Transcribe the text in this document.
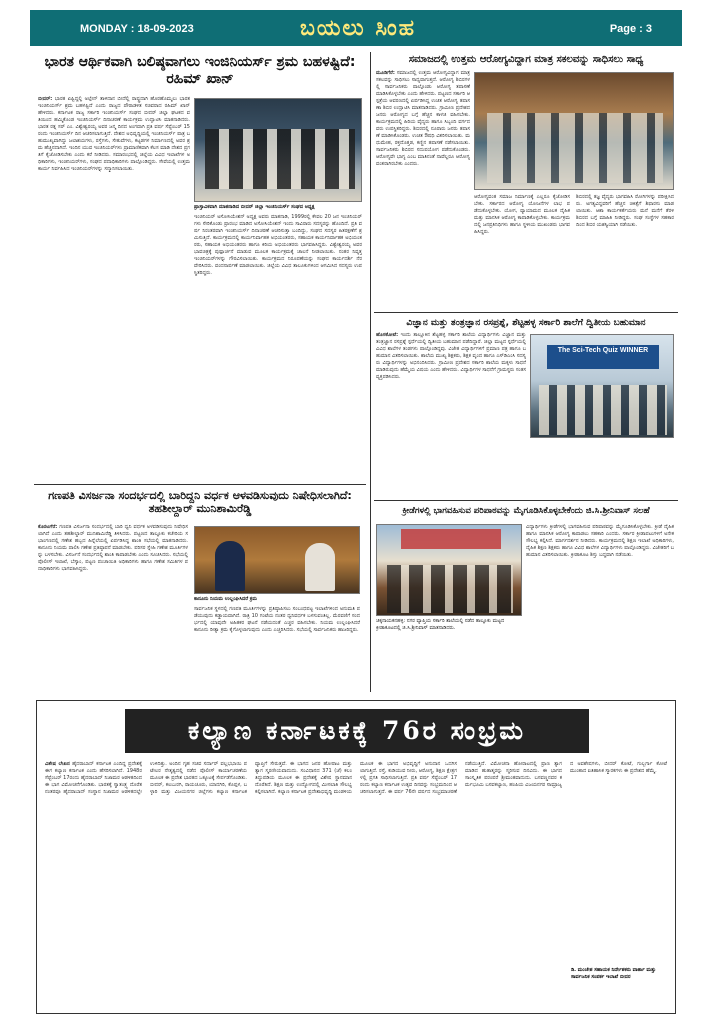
MONDAY : 18-09-2023	ಬಯಲು ಸಿಂಹ	Page : 3
ಭಾರತ ಆರ್ಥಿಕವಾಗಿ ಬಲಿಷ್ಠವಾಗಲು ಇಂಜಿನಿಯರ್ಸ್ ಶ್ರಮ ಬಹಳಷ್ಟಿದೆ: ರಹಿಮ್ ಖಾನ್
ಬೀದರ್: ಭಾರತ ಏಷ್ಟಿದ್ದಲ್ಲಿ ಅಲ್ಪೇನ್ ತಾಳಿದಾನ ಬೀದೆಲ್ಲಿ ರಾಷ್ಟ್ರದಾಗಿ ಹೊರಹೊಮ್ಮಲು ಭಾರತ ಇಂಜಿನಿಯರ್ಸ್ ಶ್ರಮ ಬಹಳಷ್ಟಿದೆ ಎಂದು ರಾಜ್ಯದ ಪೌರಾಡಳಿತ ಸಚಿವರಾದ ರಹಿಮ್ ಖಾನ್ ಹೇಳಿದರು. ಕರ್ನಾಟಕ ರಾಜ್ಯ ಸರ್ಕಾರಿ ಇಂಜಿನಿಯರ್ಸ್ ಸಂಘದ ಬೀದರ್ ಜಿಲ್ಲಾ ಘಟಕದ ವತಿಯಿಂದ ಹಮ್ಮಿಕೊಂಡ ಇಂಜಿನಿಯರ್ಸ್ ದಿನಾಚರಣೆ ಕಾರ್ಯಕ್ರಮ ಉದ್ಘಾಟಿಸಿ ಮಾತನಾಡಿದರು. ಭಾರತ ರತ್ನ ಸರ್ ಎಂ. ವಿಶ್ವೇಶ್ವರಯ್ಯ ಅವರ ಜನ್ಮ ದಿನದ ಅಂಗವಾಗಿ ಪ್ರತಿ ವರ್ಷ ಸೆಪ್ಟೆಂಬರ್ 15 ರಂದು ಇಂಜಿನಿಯರ್ಸ್ ದಿನ ಆಚರಿಸಲಾಗುತ್ತಿದೆ. ದೇಶದ ಅಭಿವೃದ್ಧಿಯಲ್ಲಿ ಇಂಜಿನಿಯರ್ಸ್ ಪಾತ್ರ ಬಹುಮುಖ್ಯವಾಗಿದ್ದು ಜಲಾಶಯಗಳು, ರಸ್ತೆಗಳು, ಸೇತುವೆಗಳು, ಕಟ್ಟಡಗಳ ನಿರ್ಮಾಣದಲ್ಲಿ ಅವರ ಶ್ರಮ ಹೆಚ್ಚಿನದಾಗಿದೆ. ಇಂದಿನ ಯುವ ಇಂಜಿನಿಯರ್‌ಗಳು ಪ್ರಾಮಾಣಿಕವಾಗಿ ಕೆಲಸ ಮಾಡಿ ದೇಶದ ಪ್ರಗತಿಗೆ ಕೈಜೋಡಿಸಬೇಕು ಎಂದು ಕರೆ ನೀಡಿದರು. ಸಮಾರಂಭದಲ್ಲಿ ಜಿಲ್ಲೆಯ ವಿವಿಧ ಇಲಾಖೆಗಳ ಅಧಿಕಾರಿಗಳು, ಇಂಜಿನಿಯರ್‌ಗಳು, ಸಂಘದ ಪದಾಧಿಕಾರಿಗಳು ಪಾಲ್ಗೊಂಡಿದ್ದರು. ಸೇವೆಯಲ್ಲಿ ಉತ್ತಮ ಕಾರ್ಯ ನಿರ್ವಹಿಸಿದ ಇಂಜಿನಿಯರ್‌ಗಳನ್ನು ಸನ್ಮಾನಿಸಲಾಯಿತು.
ಪ್ರಾಸ್ತಾವಿಕವಾಗಿ ಮಾತನಾಡಿದ ಬೀದರ್ ಜಿಲ್ಲಾ ಇಂಜಿನಿಯರ್ಸ್ ಸಂಘದ ಅಧ್ಯಕ್ಷ
ಇಂಜಿನಿಯರ್ ಅಸೋಸಿಯೇಶನ್ ಅಧ್ಯಕ್ಷ ಅವರು ಮಾತನಾಡಿ, 1999ರಲ್ಲಿ ಕೇವಲ 20 ಜನ ಇಂಜಿನಿಯರ್ ಗಳು ಸೇರಿಕೊಂಡು ಪ್ರಾರಂಭ ಮಾಡಿದ ಅಸೋಸಿಯೇಶನ್ ಇಂದು ಸಾವಿರಾರು ಸದಸ್ಯರನ್ನು ಹೊಂದಿದೆ. ಪ್ರತಿ ವರ್ಷ ನಿರಂತರವಾಗಿ ಇಂಜಿನಿಯರ್ಸ್ ದಿನಾಚರಣೆ ಆಚರಿಸುತ್ತಾ ಬಂದಿದ್ದು, ಸಂಘದ ಸದಸ್ಯರ ಹಿತರಕ್ಷಣೆಗೆ ಶ್ರಮಿಸುತ್ತಿದೆ. ಕಾರ್ಯಕ್ರಮದಲ್ಲಿ ಕಾರ್ಯನಿರ್ವಾಹಕ ಅಭಿಯಂತರರು, ಸಹಾಯಕ ಕಾರ್ಯನಿರ್ವಾಹಕ ಅಭಿಯಂತರರು, ಸಹಾಯಕ ಅಭಿಯಂತರರು ಹಾಗೂ ಕಿರಿಯ ಅಭಿಯಂತರರು ಭಾಗವಹಿಸಿದ್ದರು. ವಿಶ್ವೇಶ್ವರಯ್ಯ ಅವರ ಭಾವಚಿತ್ರಕ್ಕೆ ಪುಷ್ಪಾರ್ಚನೆ ಮಾಡುವ ಮೂಲಕ ಕಾರ್ಯಕ್ರಮಕ್ಕೆ ಚಾಲನೆ ನೀಡಲಾಯಿತು. ನಂತರ ನಿವೃತ್ತ ಇಂಜಿನಿಯರ್‌ಗಳನ್ನು ಗೌರವಿಸಲಾಯಿತು. ಕಾರ್ಯಕ್ರಮದ ನಿರೂಪಣೆಯನ್ನು ಸಂಘದ ಕಾರ್ಯದರ್ಶಿ ನೆರವೇರಿಸಿದರು. ವಂದನಾರ್ಪಣೆ ಮಾಡಲಾಯಿತು. ಜಿಲ್ಲೆಯ ವಿವಿಧ ತಾಲೂಕುಗಳಿಂದ ಆಗಮಿಸಿದ ಸದಸ್ಯರು ಉಪಸ್ಥಿತರಿದ್ದರು.
ಗಣಪತಿ ವಿಸರ್ಜನಾ ಸಂದರ್ಭದಲ್ಲಿ ಬಾರಿದ್ದನಿ ವರ್ಧಕ ಆಳವಡಿಸುವುದು ನಿಷೇಧಿಸಲಾಗಿದೆ: ತಹಶೀಲ್ದಾರ್ ಮುನಿಶಾಮಿರೆಡ್ಡಿ
ಕೊರಟಗೆರೆ: ಗಣಪತಿ ವಿಸರ್ಜನಾ ಸಂದರ್ಭದಲ್ಲಿ ಬಾರಿ ಧ್ವನಿ ವರ್ಧಕ ಅಳವಡಿಸುವುದು ನಿಷೇಧಿಸಲಾಗಿದೆ ಎಂದು ತಹಶೀಲ್ದಾರ್ ಮುನಿಶಾಮಿರೆಡ್ಡಿ ತಿಳಿಸಿದರು. ಪಟ್ಟಣದ ತಾಲ್ಲೂಕು ಕಚೇರಿಯ ಸಭಾಂಗಣದಲ್ಲಿ ಗಣೇಶ ಹಬ್ಬದ ಹಿನ್ನೆಲೆಯಲ್ಲಿ ಏರ್ಪಡಿಸಿದ್ದ ಶಾಂತಿ ಸಭೆಯಲ್ಲಿ ಮಾತನಾಡಿದರು. ಕಾನೂನು ನಿಯಮ ಪಾಲಿಸಿ ಗಣೇಶ ಪ್ರತಿಷ್ಠಾಪನೆ ಮಾಡಬೇಕು. ಪರಿಸರ ಸ್ನೇಹಿ ಗಣೇಶ ಮೂರ್ತಿಗಳನ್ನು ಬಳಸಬೇಕು. ವಿಸರ್ಜನೆ ಸಂದರ್ಭದಲ್ಲಿ ಶಾಂತಿ ಕಾಪಾಡಬೇಕು ಎಂದು ಸೂಚಿಸಿದರು. ಸಭೆಯಲ್ಲಿ ಪೊಲೀಸ್ ಇಲಾಖೆ, ಬೆಸ್ಕಾಂ, ಪಟ್ಟಣ ಪಂಚಾಯಿತಿ ಅಧಿಕಾರಿಗಳು ಹಾಗೂ ಗಣೇಶ ಸಮಿತಿಗಳ ಪದಾಧಿಕಾರಿಗಳು ಭಾಗವಹಿಸಿದ್ದರು.
ಕಾನೂನು ನಿಯಮ ಉಲ್ಲಂಘಿಸಿದರೆ ಕ್ರಮ
ಸಾರ್ವಜನಿಕ ಸ್ಥಳದಲ್ಲಿ ಗಣಪತಿ ಮೂರ್ತಿಗಳನ್ನು ಪ್ರತಿಷ್ಠಾಪಿಸಲು ಸಂಬಂಧಪಟ್ಟ ಇಲಾಖೆಗಳಿಂದ ಅನುಮತಿ ಪಡೆಯುವುದು ಕಡ್ಡಾಯವಾಗಿದೆ. ರಾತ್ರಿ 10 ಗಂಟೆಯ ನಂತರ ಧ್ವನಿವರ್ಧಕ ಬಳಸುವಂತಿಲ್ಲ. ಮೆರವಣಿಗೆ ಸಂದರ್ಭದಲ್ಲಿ ಯಾವುದೇ ಅಹಿತಕರ ಘಟನೆ ನಡೆಯದಂತೆ ಎಚ್ಚರ ವಹಿಸಬೇಕು. ನಿಯಮ ಉಲ್ಲಂಘಿಸಿದರೆ ಕಾನೂನು ರೀತ್ಯಾ ಕ್ರಮ ಕೈಗೊಳ್ಳಲಾಗುವುದು ಎಂದು ಎಚ್ಚರಿಸಿದರು. ಸಭೆಯಲ್ಲಿ ಸಾರ್ವಜನಿಕರು ಹಾಜರಿದ್ದರು.
ಸಮಾಜದಲ್ಲಿ ಉತ್ತಮ ಆರೋಗ್ಯವಿದ್ದಾಗ ಮಾತ್ರ ಸಕಲವನ್ನು ಸಾಧಿಸಲು ಸಾಧ್ಯ
ಮೂಡಿಗೆರೆ: ಸಮಾಜದಲ್ಲಿ ಉತ್ತಮ ಆರೋಗ್ಯವಿದ್ದಾಗ ಮಾತ್ರ ಸಕಲವನ್ನು ಸಾಧಿಸಲು ಸಾಧ್ಯವಾಗುತ್ತದೆ. ಆರೋಗ್ಯ ಶಿಬಿರಗಳಲ್ಲಿ ಸಾರ್ವಜನಿಕರು ಪಾಲ್ಗೊಂಡು ಆರೋಗ್ಯ ತಪಾಸಣೆ ಮಾಡಿಸಿಕೊಳ್ಳಬೇಕು ಎಂದು ಹೇಳಿದರು. ಪಟ್ಟಣದ ಸರ್ಕಾರಿ ಆಸ್ಪತ್ರೆಯ ಆವರಣದಲ್ಲಿ ಏರ್ಪಡಿಸಿದ್ದ ಉಚಿತ ಆರೋಗ್ಯ ತಪಾಸಣಾ ಶಿಬಿರ ಉದ್ಘಾಟಿಸಿ ಮಾತನಾಡಿದರು. ಗ್ರಾಮೀಣ ಪ್ರದೇಶದ ಜನರು ಆರೋಗ್ಯದ ಬಗ್ಗೆ ಹೆಚ್ಚಿನ ಕಾಳಜಿ ವಹಿಸಬೇಕು. ಕಾರ್ಯಕ್ರಮದಲ್ಲಿ ಹಿರಿಯ ವೈದ್ಯರು ಹಾಗೂ ಸಿಬ್ಬಂದಿ ವರ್ಗದವರು ಉಪಸ್ಥಿತರಿದ್ದರು. ಶಿಬಿರದಲ್ಲಿ ನೂರಾರು ಜನರು ತಪಾಸಣೆ ಮಾಡಿಸಿಕೊಂಡರು. ಉಚಿತ ಔಷಧಿ ವಿತರಿಸಲಾಯಿತು. ಮಧುಮೇಹ, ರಕ್ತದೊತ್ತಡ, ಕಣ್ಣಿನ ತಪಾಸಣೆ ನಡೆಸಲಾಯಿತು. ಸಾರ್ವಜನಿಕರು ಶಿಬಿರದ ಸದುಪಯೋಗ ಪಡೆದುಕೊಂಡರು. ಆರೋಗ್ಯವೇ ಭಾಗ್ಯ ಎಂಬ ಮಾತಿನಂತೆ ನಾವೆಲ್ಲರೂ ಆರೋಗ್ಯವಂತರಾಗಿರಬೇಕು ಎಂದರು.
ಆರೋಗ್ಯವಂತ ಸಮಾಜ ನಿರ್ಮಾಣಕ್ಕೆ ಎಲ್ಲರೂ ಕೈಜೋಡಿಸಬೇಕು. ಸರ್ಕಾರದ ಆರೋಗ್ಯ ಯೋಜನೆಗಳ ಲಾಭ ಪಡೆದುಕೊಳ್ಳಬೇಕು. ಯೋಗ, ವ್ಯಾಯಾಮದ ಮೂಲಕ ದೈಹಿಕ ಮತ್ತು ಮಾನಸಿಕ ಆರೋಗ್ಯ ಕಾಪಾಡಿಕೊಳ್ಳಬೇಕು. ಕಾರ್ಯಕ್ರಮದಲ್ಲಿ ಜನಪ್ರತಿನಿಧಿಗಳು ಹಾಗೂ ಸ್ಥಳೀಯ ಮುಖಂಡರು ಭಾಗವಹಿಸಿದ್ದರು.
ಶಿಬಿರದಲ್ಲಿ ತಜ್ಞ ವೈದ್ಯರು ಭಾಗವಹಿಸಿ ರೋಗಿಗಳನ್ನು ಪರೀಕ್ಷಿಸಿದರು. ಅಗತ್ಯವಿದ್ದವರಿಗೆ ಹೆಚ್ಚಿನ ಚಿಕಿತ್ಸೆಗೆ ಶಿಫಾರಸು ಮಾಡಲಾಯಿತು. ಆಶಾ ಕಾರ್ಯಕರ್ತೆಯರು ಮನೆ ಮನೆಗೆ ತೆರಳಿ ಶಿಬಿರದ ಬಗ್ಗೆ ಮಾಹಿತಿ ನೀಡಿದ್ದರು. ಸಂಘ ಸಂಸ್ಥೆಗಳ ಸಹಕಾರದಿಂದ ಶಿಬಿರ ಯಶಸ್ವಿಯಾಗಿ ನಡೆಯಿತು.
ವಿಜ್ಞಾನ ಮತ್ತು ತಂತ್ರಜ್ಞಾನ ರಸಪ್ರಶ್ನೆ, ಶೆಟ್ಟಹಳ್ಳ ಸರ್ಕಾರಿ ಶಾಲೆಗೆ ದ್ವಿತೀಯ ಬಹುಮಾನ
ಹೊಸಕೋಟೆ: ಇಂದು ತಾಲ್ಲೂಕಿನ ಶೆಟ್ಟಹಳ್ಳ ಸರ್ಕಾರಿ ಶಾಲೆಯ ವಿದ್ಯಾರ್ಥಿಗಳು ವಿಜ್ಞಾನ ಮತ್ತು ತಂತ್ರಜ್ಞಾನ ರಸಪ್ರಶ್ನೆ ಸ್ಪರ್ಧೆಯಲ್ಲಿ ದ್ವಿತೀಯ ಬಹುಮಾನ ಪಡೆದಿದ್ದಾರೆ. ಜಿಲ್ಲಾ ಮಟ್ಟದ ಸ್ಪರ್ಧೆಯಲ್ಲಿ ವಿವಿಧ ಶಾಲೆಗಳ ತಂಡಗಳು ಪಾಲ್ಗೊಂಡಿದ್ದವು. ವಿಜೇತ ವಿದ್ಯಾರ್ಥಿಗಳಿಗೆ ಪ್ರಮಾಣ ಪತ್ರ ಹಾಗೂ ಬಹುಮಾನ ವಿತರಿಸಲಾಯಿತು. ಶಾಲೆಯ ಮುಖ್ಯ ಶಿಕ್ಷಕರು, ಶಿಕ್ಷಕ ವೃಂದ ಹಾಗೂ ಎಸ್‌ಡಿಎಂಸಿ ಸದಸ್ಯರು ವಿದ್ಯಾರ್ಥಿಗಳನ್ನು ಅಭಿನಂದಿಸಿದರು. ಗ್ರಾಮೀಣ ಪ್ರದೇಶದ ಸರ್ಕಾರಿ ಶಾಲೆಯ ಮಕ್ಕಳು ಸಾಧನೆ ಮಾಡಿರುವುದು ಹೆಮ್ಮೆಯ ವಿಷಯ ಎಂದು ಹೇಳಿದರು. ವಿದ್ಯಾರ್ಥಿಗಳ ಸಾಧನೆಗೆ ಗ್ರಾಮಸ್ಥರು ಸಂತಸ ವ್ಯಕ್ತಪಡಿಸಿದರು.
The Sci-Tech Quiz WINNER
ಕ್ರೀಡೆಗಳಲ್ಲಿ ಭಾಗವಹಿಸುವ ಪರಿಪಾಠವನ್ನು ಮೈಗೂಡಿಸಿಕೊಳ್ಳಬೇಕೆಂದು ಜಿ.ಸಿ.ಶ್ರೀನಿವಾಸ್ ಸಲಹೆ
ಚಿಕ್ಕನಾಯಕನಹಳ್ಳಿ: ನಗರ ವ್ಯಾಪ್ತಿಯ ಸರ್ಕಾರಿ ಶಾಲೆಯಲ್ಲಿ ನಡೆದ ತಾಲ್ಲೂಕು ಮಟ್ಟದ ಕ್ರೀಡಾಕೂಟದಲ್ಲಿ ಜಿ.ಸಿ.ಶ್ರೀನಿವಾಸ್ ಮಾತನಾಡಿದರು.
ವಿದ್ಯಾರ್ಥಿಗಳು ಕ್ರೀಡೆಗಳಲ್ಲಿ ಭಾಗವಹಿಸುವ ಪರಿಪಾಠವನ್ನು ಮೈಗೂಡಿಸಿಕೊಳ್ಳಬೇಕು. ಕ್ರೀಡೆ ದೈಹಿಕ ಹಾಗೂ ಮಾನಸಿಕ ಆರೋಗ್ಯ ಕಾಪಾಡಲು ಸಹಕಾರಿ ಎಂದರು. ಸರ್ಕಾರ ಕ್ರೀಡಾಪಟುಗಳಿಗೆ ಅನೇಕ ಸೌಲಭ್ಯ ಕಲ್ಪಿಸಿದೆ. ಮಾರ್ಗದರ್ಶನ ನೀಡಿದರು. ಕಾರ್ಯಕ್ರಮದಲ್ಲಿ ಶಿಕ್ಷಣ ಇಲಾಖೆ ಅಧಿಕಾರಿಗಳು, ದೈಹಿಕ ಶಿಕ್ಷಣ ಶಿಕ್ಷಕರು ಹಾಗೂ ವಿವಿಧ ಶಾಲೆಗಳ ವಿದ್ಯಾರ್ಥಿಗಳು ಪಾಲ್ಗೊಂಡಿದ್ದರು. ವಿಜೇತರಿಗೆ ಬಹುಮಾನ ವಿತರಿಸಲಾಯಿತು. ಕ್ರೀಡಾಕೂಟ ಶಿಸ್ತು ಬದ್ಧವಾಗಿ ನಡೆಯಿತು.
ಕಲ್ಯಾಣ ಕರ್ನಾಟಕಕ್ಕೆ 76ರ ಸಂಭ್ರಮ
ವಿಶೇಷ ಲೇಖನ ಹೈದರಾಬಾದ್ ಕರ್ನಾಟಕ ಎಂದಿದ್ದ ಪ್ರದೇಶಕ್ಕೆ ಈಗ ಕಲ್ಯಾಣ ಕರ್ನಾಟಕ ಎಂದು ಹೆಸರಿಸಲಾಗಿದೆ. 1948ರ ಸೆಪ್ಟೆಂಬರ್ 17ರಂದು ಹೈದರಾಬಾದ್ ನಿಜಾಮರ ಆಡಳಿತದಿಂದ ಈ ಭಾಗ ವಿಮೋಚನೆಗೊಂಡಿತು. ಭಾರತಕ್ಕೆ ಸ್ವಾತಂತ್ರ್ಯ ದೊರೆತ ನಂತರವೂ ಹೈದರಾಬಾದ್ ಸಂಸ್ಥಾನ ನಿಜಾಮರ ಆಡಳಿತದಲ್ಲೇ ಉಳಿದಿತ್ತು. ಅಂದಿನ ಗೃಹ ಸಚಿವ ಸರ್ದಾರ್ ವಲ್ಲಭಭಾಯಿ ಪಟೇಲರ ನೇತೃತ್ವದಲ್ಲಿ ನಡೆದ ಪೊಲೀಸ್ ಕಾರ್ಯಾಚರಣೆಯ ಮೂಲಕ ಈ ಪ್ರದೇಶ ಭಾರತದ ಒಕ್ಕೂಟಕ್ಕೆ ಸೇರ್ಪಡೆಗೊಂಡಿತು. ಬೀದರ್, ಕಲಬುರಗಿ, ರಾಯಚೂರು, ಯಾದಗಿರಿ, ಕೊಪ್ಪಳ, ಬಳ್ಳಾರಿ ಮತ್ತು ವಿಜಯನಗರ ಜಿಲ್ಲೆಗಳು ಕಲ್ಯಾಣ ಕರ್ನಾಟಕ ವ್ಯಾಪ್ತಿಗೆ ಸೇರುತ್ತವೆ. ಈ ಭಾಗದ ಜನರ ಹೋರಾಟ ಮತ್ತು ತ್ಯಾಗ ಸ್ಮರಣೀಯವಾದುದು. ಸಂವಿಧಾನದ 371 (ಜೆ) ಕಲಂ ತಿದ್ದುಪಡಿಯ ಮೂಲಕ ಈ ಪ್ರದೇಶಕ್ಕೆ ವಿಶೇಷ ಸ್ಥಾನಮಾನ ದೊರೆತಿದೆ. ಶಿಕ್ಷಣ ಮತ್ತು ಉದ್ಯೋಗದಲ್ಲಿ ಮೀಸಲಾತಿ ಸೌಲಭ್ಯ ಕಲ್ಪಿಸಲಾಗಿದೆ. ಕಲ್ಯಾಣ ಕರ್ನಾಟಕ ಪ್ರದೇಶಾಭಿವೃದ್ಧಿ ಮಂಡಳಿಯ ಮೂಲಕ ಈ ಭಾಗದ ಅಭಿವೃದ್ಧಿಗೆ ಅನುದಾನ ಒದಗಿಸಲಾಗುತ್ತಿದೆ. ರಸ್ತೆ, ಕುಡಿಯುವ ನೀರು, ಆರೋಗ್ಯ, ಶಿಕ್ಷಣ ಕ್ಷೇತ್ರಗಳಲ್ಲಿ ಪ್ರಗತಿ ಸಾಧಿಸಲಾಗುತ್ತಿದೆ. ಪ್ರತಿ ವರ್ಷ ಸೆಪ್ಟೆಂಬರ್ 17ರಂದು ಕಲ್ಯಾಣ ಕರ್ನಾಟಕ ಉತ್ಸವ ದಿನವನ್ನು ಸಂಭ್ರಮದಿಂದ ಆಚರಿಸಲಾಗುತ್ತದೆ. ಈ ವರ್ಷ 76ನೇ ವರ್ಷದ ಸಂಭ್ರಮಾಚರಣೆ ನಡೆಯುತ್ತಿದೆ. ವಿಮೋಚನಾ ಹೋರಾಟದಲ್ಲಿ ಪ್ರಾಣ ತ್ಯಾಗ ಮಾಡಿದ ಹುತಾತ್ಮರನ್ನು ಸ್ಮರಿಸುವ ದಿನವಿದು. ಈ ಭಾಗದ ಸಾಂಸ್ಕೃತಿಕ ಪರಂಪರೆ ಶ್ರೀಮಂತವಾದುದು. ಬಸವಣ್ಣನವರ ಕರ್ಮಭೂಮಿ ಬಸವಕಲ್ಯಾಣ, ಹಂಪಿಯ ವಿಜಯನಗರ ಸಾಮ್ರಾಜ್ಯದ ಅವಶೇಷಗಳು, ಬೀದರ್ ಕೋಟೆ, ಗುಲ್ಬರ್ಗಾ ಕೋಟೆ ಮುಂತಾದ ಐತಿಹಾಸಿಕ ಸ್ಮಾರಕಗಳು ಈ ಪ್ರದೇಶದ ಹೆಮ್ಮೆ.
ಡಿ. ಮಂಜೇಶ ಸಹಾಯಕ ನಿರ್ದೇಶಕರು ವಾರ್ತಾ ಮತ್ತು ಸಾರ್ವಜನಿಕ ಸಂಪರ್ಕ ಇಲಾಖೆ ಬೀದರ
